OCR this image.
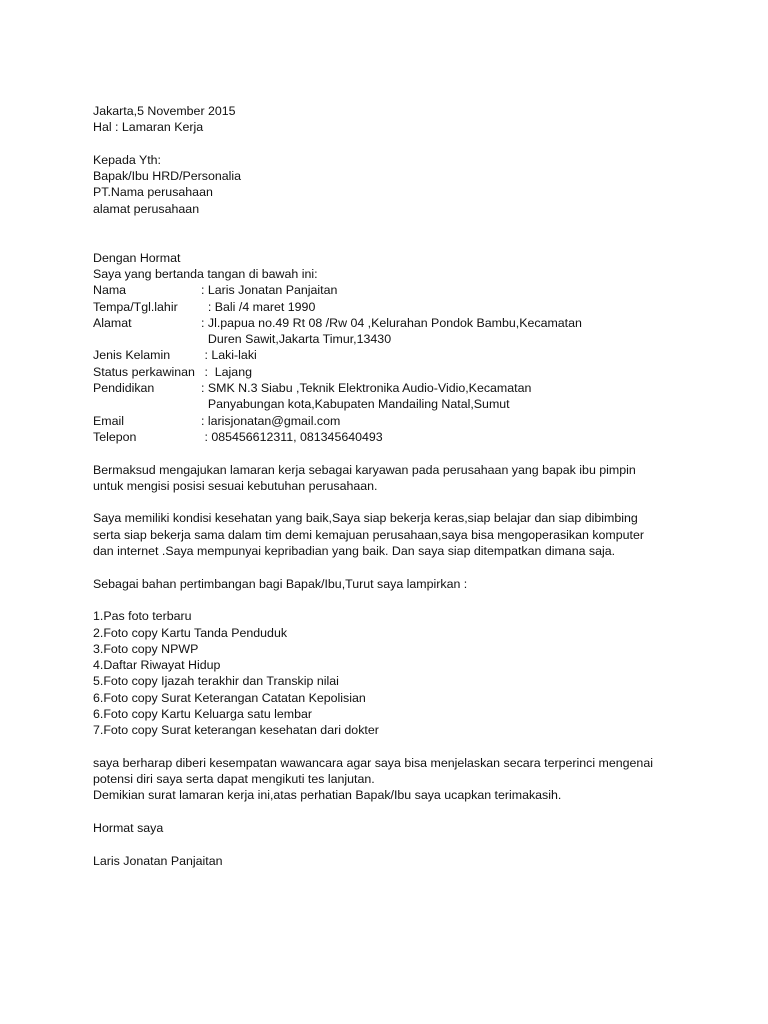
Jakarta,5 November 2015
Hal : Lamaran Kerja
Kepada Yth:
Bapak/Ibu HRD/Personalia
PT.Nama perusahaan
alamat perusahaan
Dengan Hormat
Saya yang bertanda tangan di bawah ini:
Nama	: Laris Jonatan Panjaitan
Tempa/Tgl.lahir	: Bali /4 maret 1990
Alamat	: Jl.papua no.49 Rt 08 /Rw 04 ,Kelurahan Pondok Bambu,Kecamatan
Duren Sawit,Jakarta Timur,13430
Jenis Kelamin	: Laki-laki
Status perkawinan :  Lajang
Pendidikan	: SMK N.3 Siabu ,Teknik Elektronika Audio-Vidio,Kecamatan
Panyabungan kota,Kabupaten Mandailing Natal,Sumut
Email	: larisjonatan@gmail.com
Telepon	: 085456612311, 081345640493
Bermaksud mengajukan lamaran kerja sebagai karyawan pada perusahaan yang bapak ibu pimpin
untuk mengisi posisi sesuai kebutuhan perusahaan.
Saya memiliki kondisi kesehatan yang baik,Saya siap bekerja keras,siap belajar dan siap dibimbing
serta siap bekerja sama dalam tim demi kemajuan perusahaan,saya bisa mengoperasikan komputer
dan internet .Saya mempunyai kepribadian yang baik. Dan saya siap ditempatkan dimana saja.
Sebagai bahan pertimbangan bagi Bapak/Ibu,Turut saya lampirkan :
1.Pas foto terbaru
2.Foto copy Kartu Tanda Penduduk
3.Foto copy NPWP
4.Daftar Riwayat Hidup
5.Foto copy Ijazah terakhir dan Transkip nilai
6.Foto copy Surat Keterangan Catatan Kepolisian
6.Foto copy Kartu Keluarga satu lembar
7.Foto copy Surat keterangan kesehatan dari dokter
saya berharap diberi kesempatan wawancara agar saya bisa menjelaskan secara terperinci mengenai
potensi diri saya serta dapat mengikuti tes lanjutan.
Demikian surat lamaran kerja ini,atas perhatian Bapak/Ibu saya ucapkan terimakasih.
Hormat saya
Laris Jonatan Panjaitan
